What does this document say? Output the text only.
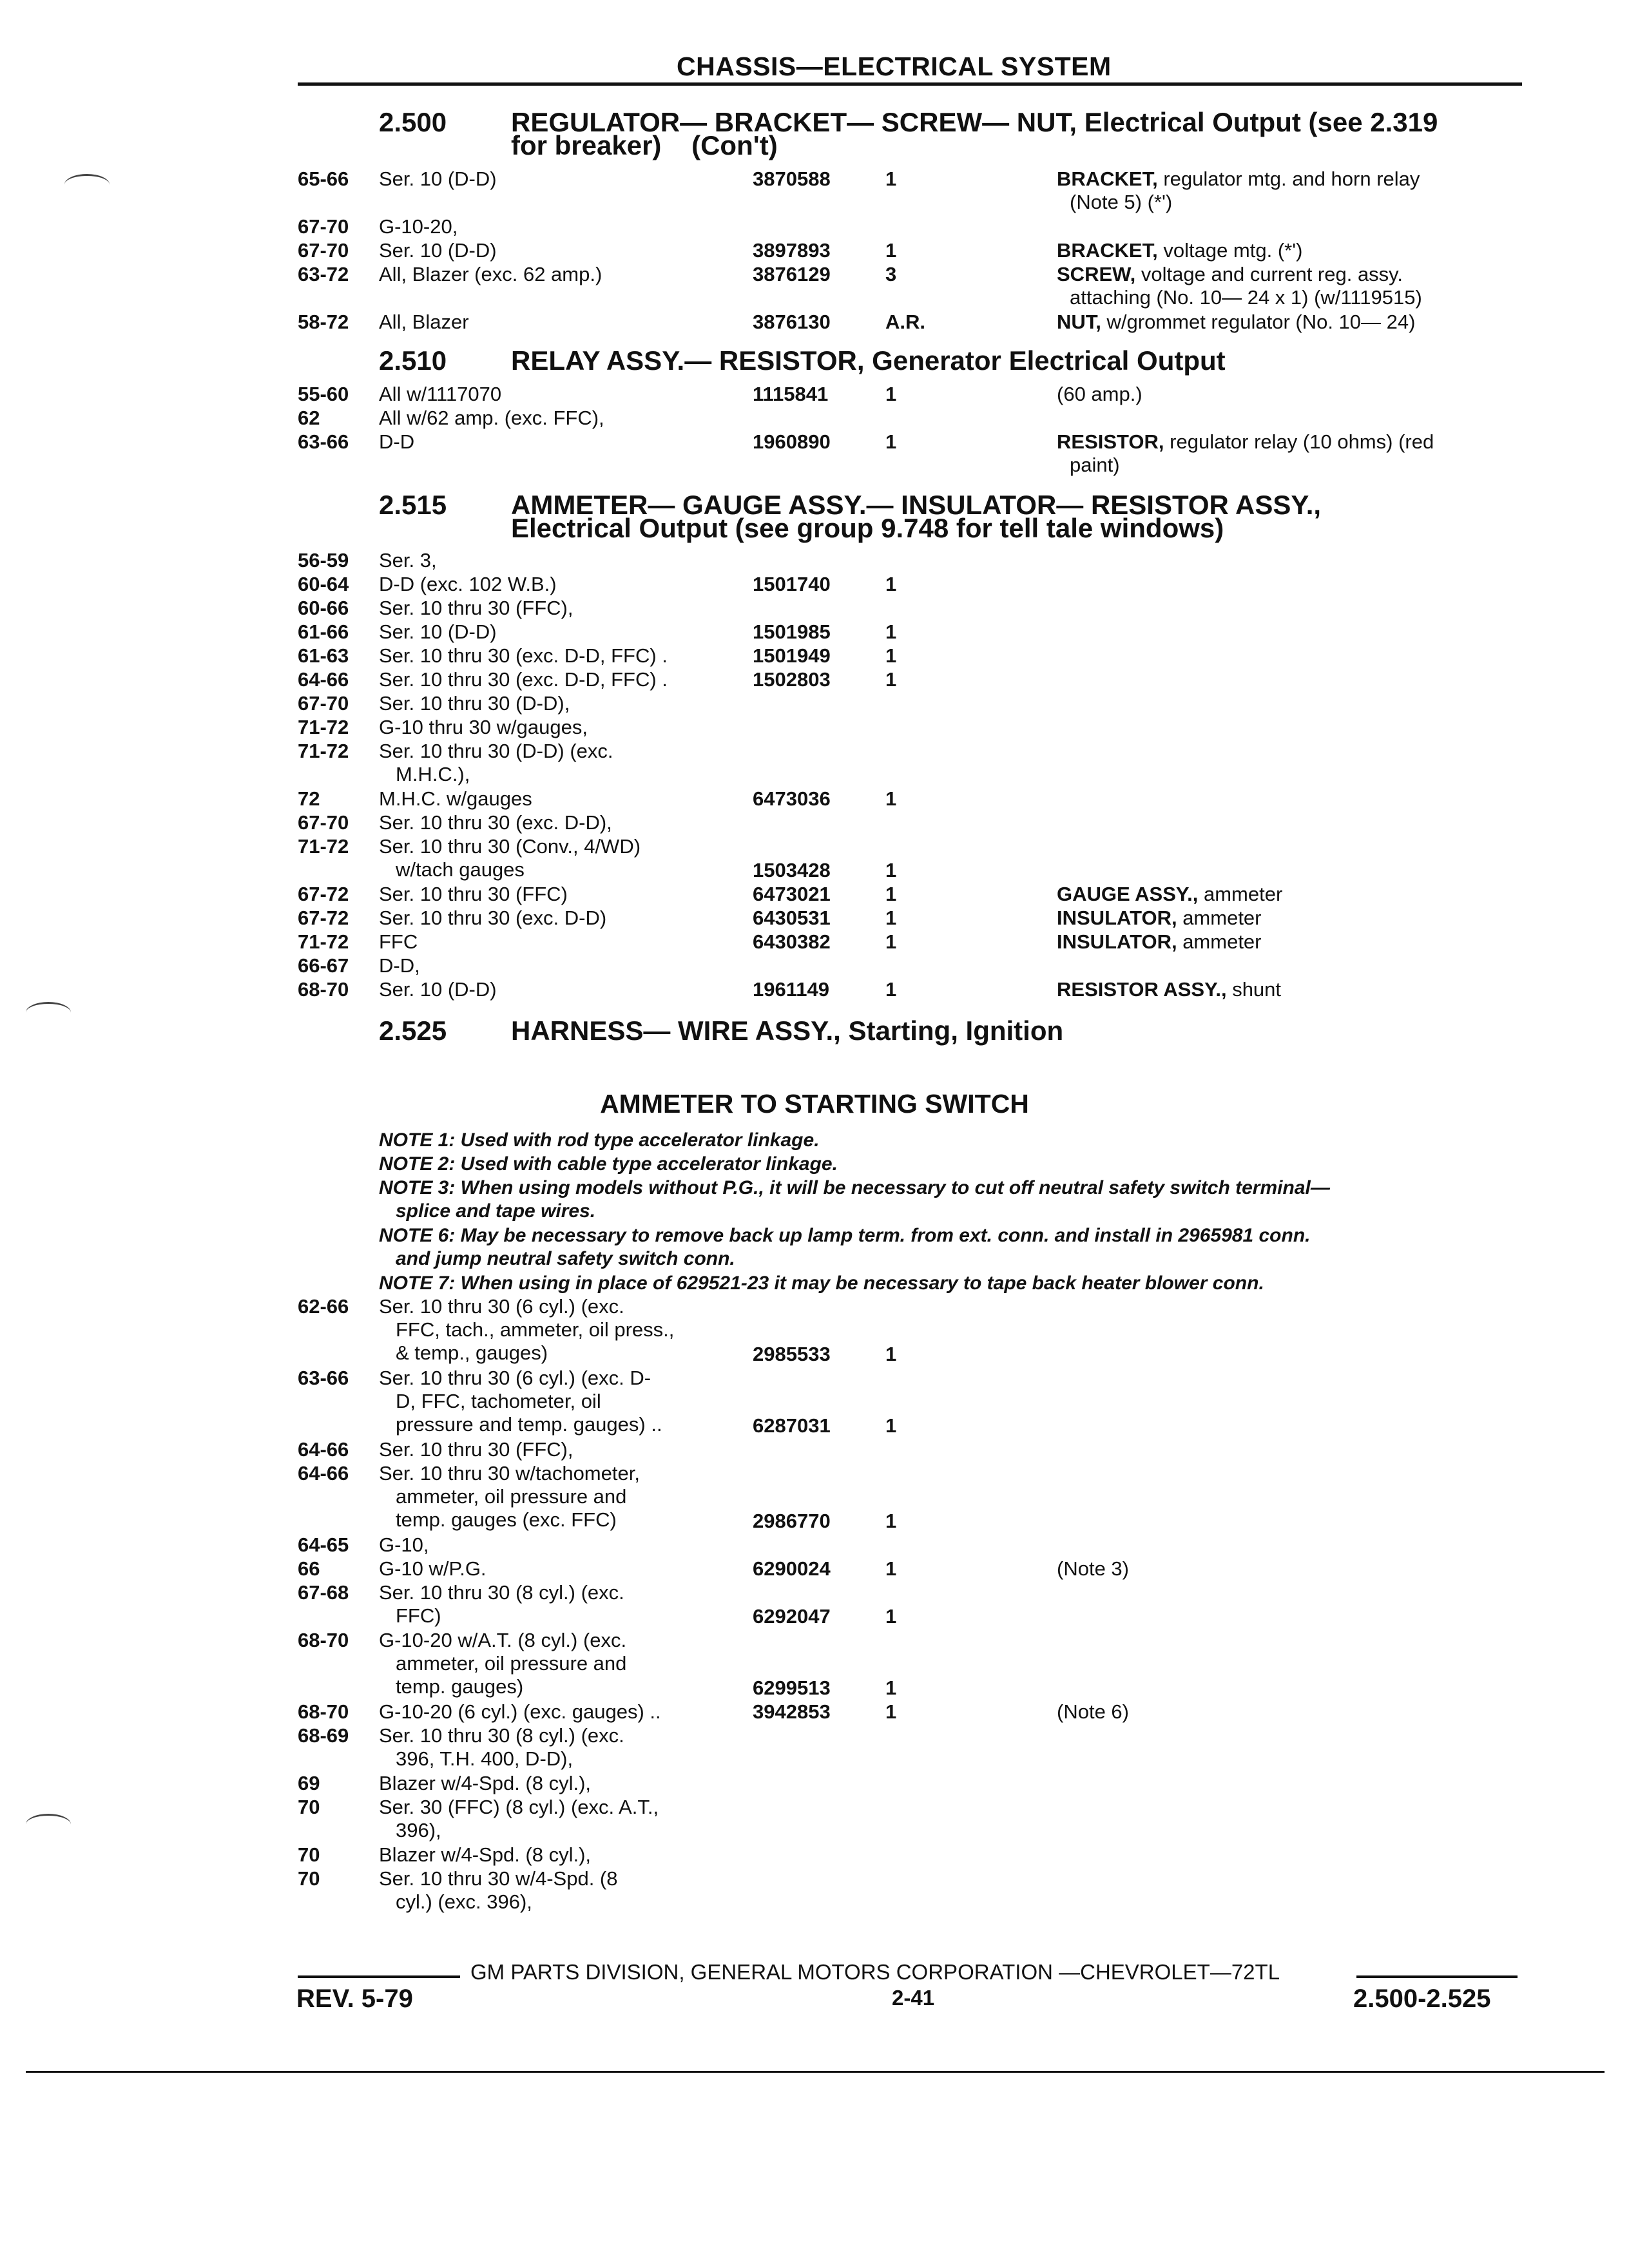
CHASSIS—ELECTRICAL SYSTEM
2.500 REGULATOR— BRACKET— SCREW— NUT, Electrical Output (see 2.319
for breaker)    (Con't)
65-66 Ser. 10 (D-D)	3870588	1	BRACKET, regulator mtg. and horn relay
(Note 5) (*')
67-70 G-10-20,
67-70 Ser. 10 (D-D)	3897893	1	BRACKET, voltage mtg. (*')
63-72 All, Blazer (exc. 62 amp.)	3876129	3	SCREW, voltage and current reg. assy.
attaching (No. 10— 24 x 1) (w/1119515)
58-72 All, Blazer	3876130	A.R.	NUT, w/grommet regulator (No. 10— 24)
2.510 RELAY ASSY.— RESISTOR, Generator Electrical Output
55-60 All w/1117070	1115841	1	(60 amp.)
62	All w/62 amp. (exc. FFC),
63-66 D-D	1960890	1	RESISTOR, regulator relay (10 ohms) (red
paint)
2.515 AMMETER— GAUGE ASSY.— INSULATOR— RESISTOR ASSY.,
Electrical Output (see group 9.748 for tell tale windows)
56-59 Ser. 3,
60-64 D-D (exc. 102 W.B.)	1501740	1
60-66 Ser. 10 thru 30 (FFC),
61-66 Ser. 10 (D-D)	1501985	1
61-63 Ser. 10 thru 30 (exc. D-D, FFC) .	1501949	1
64-66 Ser. 10 thru 30 (exc. D-D, FFC) .	1502803	1
67-70 Ser. 10 thru 30 (D-D),
71-72 G-10 thru 30 w/gauges,
71-72 Ser. 10 thru 30 (D-D) (exc.
M.H.C.),
72	M.H.C. w/gauges	6473036	1
67-70 Ser. 10 thru 30 (exc. D-D),
71-72 Ser. 10 thru 30 (Conv., 4/WD)
w/tach gauges	1503428	1
67-72 Ser. 10 thru 30 (FFC)	6473021	1	GAUGE ASSY., ammeter
67-72 Ser. 10 thru 30 (exc. D-D)	6430531	1	INSULATOR, ammeter
71-72 FFC	6430382	1	INSULATOR, ammeter
66-67 D-D,
68-70 Ser. 10 (D-D)	1961149	1	RESISTOR ASSY., shunt
2.525 HARNESS— WIRE ASSY., Starting, Ignition
AMMETER TO STARTING SWITCH
NOTE 1: Used with rod type accelerator linkage.
NOTE 2: Used with cable type accelerator linkage.
NOTE 3: When using models without P.G., it will be necessary to cut off neutral safety switch terminal—
splice and tape wires.
NOTE 6: May be necessary to remove back up lamp term. from ext. conn. and install in 2965981 conn.
and jump neutral safety switch conn.
NOTE 7: When using in place of 629521-23 it may be necessary to tape back heater blower conn.
62-66 Ser. 10 thru 30 (6 cyl.) (exc.
FFC, tach., ammeter, oil press.,
& temp., gauges)	2985533	1
63-66 Ser. 10 thru 30 (6 cyl.) (exc. D-
D, FFC, tachometer, oil
pressure and temp. gauges) ..	6287031	1
64-66 Ser. 10 thru 30 (FFC),
64-66 Ser. 10 thru 30 w/tachometer,
ammeter, oil pressure and
temp. gauges (exc. FFC)	2986770	1
64-65 G-10,
66	G-10 w/P.G.	6290024	1	(Note 3)
67-68 Ser. 10 thru 30 (8 cyl.) (exc.
FFC)	6292047	1
68-70 G-10-20 w/A.T. (8 cyl.) (exc.
ammeter, oil pressure and
temp. gauges)	6299513	1
68-70 G-10-20 (6 cyl.) (exc. gauges) ..	3942853	1	(Note 6)
68-69 Ser. 10 thru 30 (8 cyl.) (exc.
396, T.H. 400, D-D),
69	Blazer w/4-Spd. (8 cyl.),
70	Ser. 30 (FFC) (8 cyl.) (exc. A.T.,
396),
70	Blazer w/4-Spd. (8 cyl.),
70	Ser. 10 thru 30 w/4-Spd. (8
cyl.) (exc. 396),
GM PARTS DIVISION, GENERAL MOTORS CORPORATION —CHEVROLET—72TL
REV. 5-79	2-41	2.500-2.525
